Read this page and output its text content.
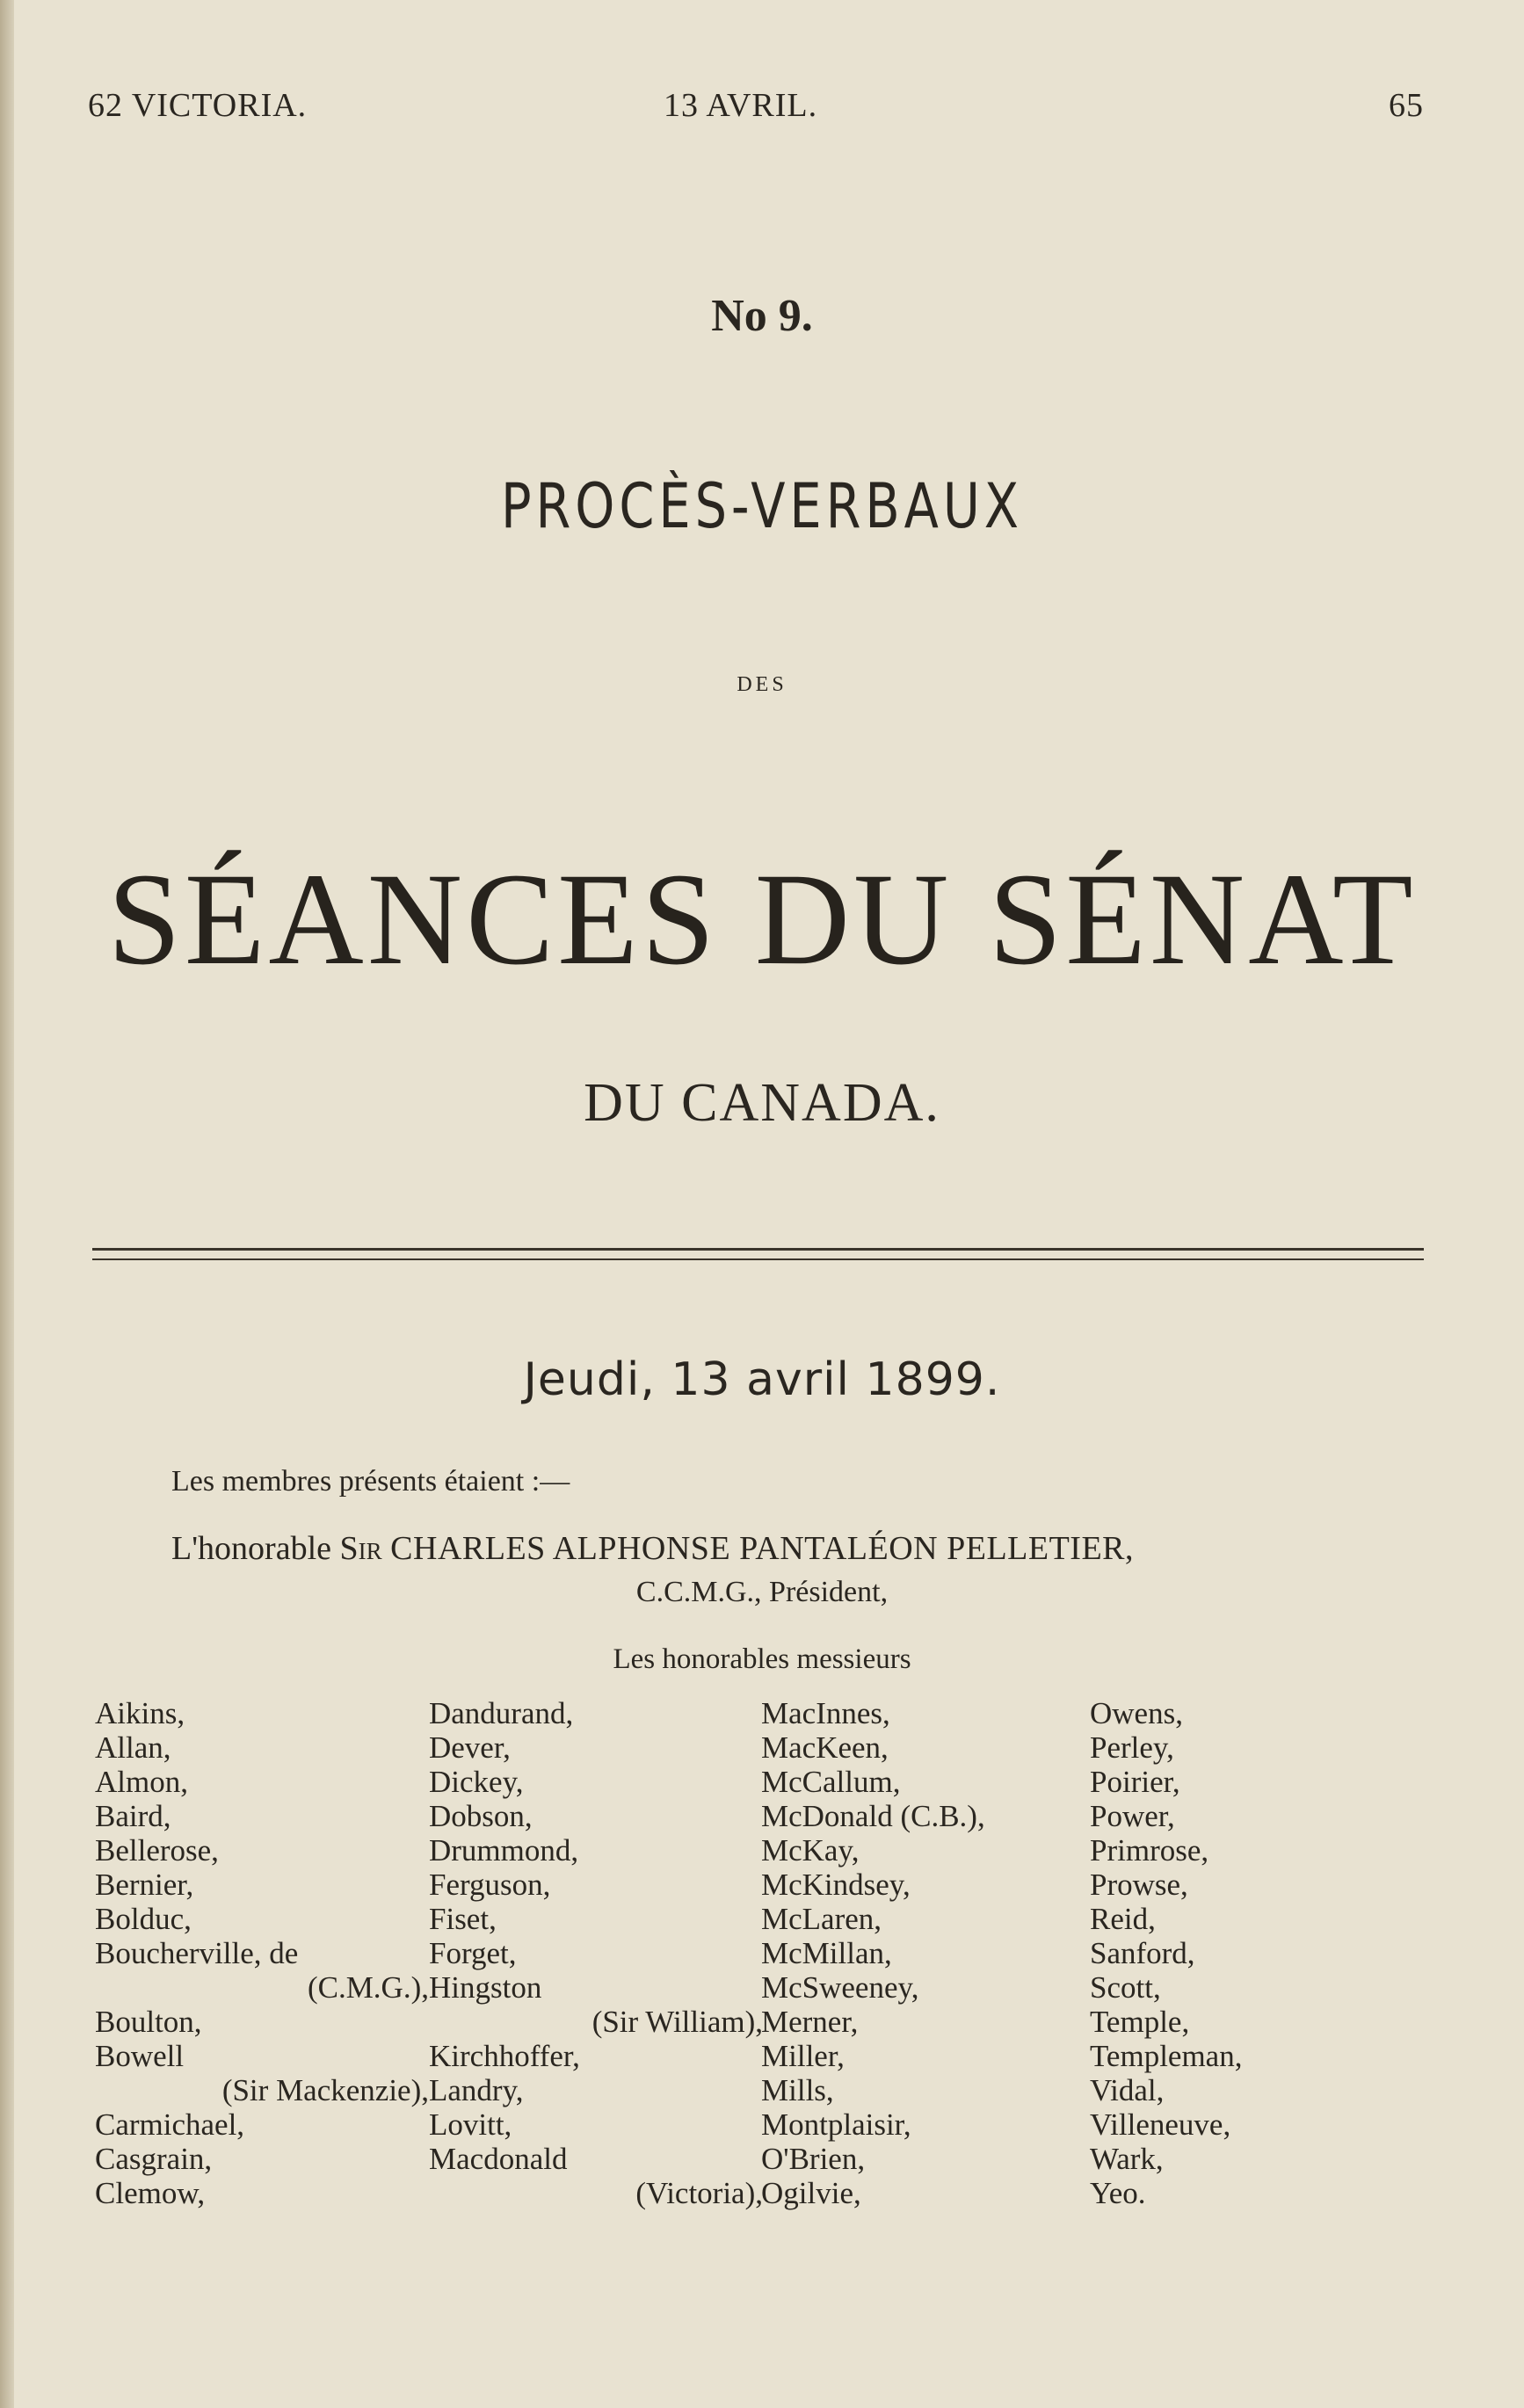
62 VICTORIA.	13 AVRIL.	65
No 9.
PROCÈS-VERBAUX
DES
SÉANCES DU SÉNAT
DU CANADA.
Jeudi, 13 avril 1899.
Les membres présents étaient :—
L'honorable Sir CHARLES ALPHONSE PANTALÉON PELLETIER,
C.C.M.G., Président,
Les honorables messieurs
Aikins,
Allan,
Almon,
Baird,
Bellerose,
Bernier,
Bolduc,
Boucherville, de
(C.M.G.),
Boulton,
Bowell
(Sir Mackenzie),
Carmichael,
Casgrain,
Clemow,
Dandurand,
Dever,
Dickey,
Dobson,
Drummond,
Ferguson,
Fiset,
Forget,
Hingston
(Sir William),
Kirchhoffer,
Landry,
Lovitt,
Macdonald
(Victoria),
MacInnes,
MacKeen,
McCallum,
McDonald (C.B.),
McKay,
McKindsey,
McLaren,
McMillan,
McSweeney,
Merner,
Miller,
Mills,
Montplaisir,
O'Brien,
Ogilvie,
Owens,
Perley,
Poirier,
Power,
Primrose,
Prowse,
Reid,
Sanford,
Scott,
Temple,
Templeman,
Vidal,
Villeneuve,
Wark,
Yeo.
